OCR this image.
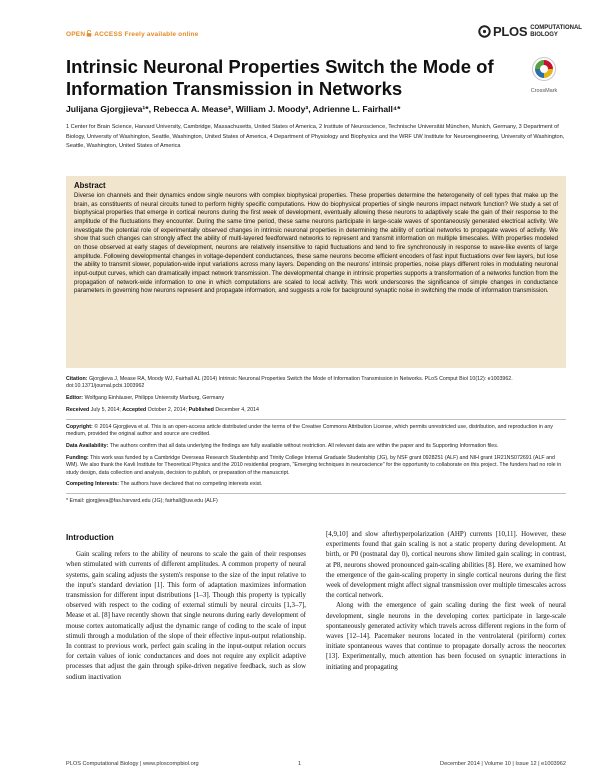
OPEN ACCESS Freely available online	PLOS COMPUTATIONAL
BIOLOGY
Intrinsic Neuronal Properties Switch the Mode of Information Transmission in Networks	CrossMark
Julijana Gjorgjieva¹*, Rebecca A. Mease², William J. Moody³, Adrienne L. Fairhall⁴*
1 Center for Brain Science, Harvard University, Cambridge, Massachusetts, United States of America, 2 Institute of Neuroscience, Technische Universität München, Munich, Germany, 3 Department of Biology, University of Washington, Seattle, Washington, United States of America, 4 Department of Physiology and Biophysics and the WRF UW Institute for Neuroengineering, University of Washington, Seattle, Washington, United States of America
Abstract
Diverse ion channels and their dynamics endow single neurons with complex biophysical properties. These properties determine the heterogeneity of cell types that make up the brain, as constituents of neural circuits tuned to perform highly specific computations. How do biophysical properties of single neurons impact network function? We study a set of biophysical properties that emerge in cortical neurons during the first week of development, eventually allowing these neurons to adaptively scale the gain of their response to the amplitude of the fluctuations they encounter. During the same time period, these same neurons participate in large-scale waves of spontaneously generated electrical activity. We investigate the potential role of experimentally observed changes in intrinsic neuronal properties in determining the ability of cortical networks to propagate waves of activity. We show that such changes can strongly affect the ability of multi-layered feedforward networks to represent and transmit information on multiple timescales. With properties modeled on those observed at early stages of development, neurons are relatively insensitive to rapid fluctuations and tend to fire synchronously in response to wave-like events of large amplitude. Following developmental changes in voltage-dependent conductances, these same neurons become efficient encoders of fast input fluctuations over few layers, but lose the ability to transmit slower, population-wide input variations across many layers. Depending on the neurons' intrinsic properties, noise plays different roles in modulating neuronal input-output curves, which can dramatically impact network transmission. The developmental change in intrinsic properties supports a transformation of a networks function from the propagation of network-wide information to one in which computations are scaled to local activity. This work underscores the significance of simple changes in conductance parameters in governing how neurons represent and propagate information, and suggests a role for background synaptic noise in switching the mode of information transmission.

Citation: Gjorgjieva J, Mease RA, Moody WJ, Fairhall AL (2014) Intrinsic Neuronal Properties Switch the Mode of Information Transmission in Networks. PLoS Comput Biol 10(12): e1003962. doi:10.1371/journal.pcbi.1003962

Editor: Wolfgang Einhäuser, Philipps University Marburg, Germany

Received July 5, 2014; Accepted October 2, 2014; Published December 4, 2014

Copyright: © 2014 Gjorgjieva et al. This is an open-access article distributed under the terms of the Creative Commons Attribution License, which permits unrestricted use, distribution, and reproduction in any medium, provided the original author and source are credited.

Data Availability: The authors confirm that all data underlying the findings are fully available without restriction. All relevant data are within the paper and its Supporting Information files.

Funding: This work was funded by a Cambridge Overseas Research Studentship and Trinity College Internal Graduate Studentship (JG), by NSF grant 0928251 (ALF) and NIH grant 1R21NS072691 (ALF and WM). We also thank the Kavli Institute for Theoretical Physics and the 2010 residential program, "Emerging techniques in neuroscience" for the opportunity to collaborate on this project. The funders had no role in study design, data collection and analysis, decision to publish, or preparation of the manuscript.

Competing Interests: The authors have declared that no competing interests exist.

* Email: gjorgjieva@fas.harvard.edu (JG); fairhall@uw.edu (ALF)

Introduction

Gain scaling refers to the ability of neurons to scale the gain of their responses when stimulated with currents of different amplitudes. A common property of neural systems, gain scaling adjusts the system's response to the size of the input relative to the input's standard deviation [1]. This form of adaptation maximizes information transmission for different input distributions [1–3]. Though this property is typically observed with respect to the coding of external stimuli by neural circuits [1,3–7], Mease et al. [8] have recently shown that single neurons during early development of mouse cortex automatically adjust the dynamic range of coding to the scale of input stimuli through a modulation of the slope of their effective input-output relationship. In contrast to previous work, perfect gain scaling in the input-output relation occurs for certain values of ionic conductances and does not require any explicit adaptive processes that adjust the gain through spike-driven negative feedback, such as slow sodium inactivation

[4,9,10] and slow afterhyperpolarization (AHP) currents [10,11]. However, these experiments found that gain scaling is not a static property during development. At birth, or P0 (postnatal day 0), cortical neurons show limited gain scaling; in contrast, at P8, neurons showed pronounced gain-scaling abilities [8]. Here, we examined how the emergence of the gain-scaling property in single cortical neurons during the first week of development might affect signal transmission over multiple timescales across the cortical network.

Along with the emergence of gain scaling during the first week of neural development, single neurons in the developing cortex participate in large-scale spontaneously generated activity which travels across different regions in the form of waves [12–14]. Pacemaker neurons located in the ventrolateral (piriform) cortex initiate spontaneous waves that continue to propagate dorsally across the neocortex [13]. Experimentally, much attention has been focused on synaptic interactions in initiating and propagating

PLOS Computational Biology | www.ploscompbiol.org	1	December 2014 | Volume 10 | Issue 12 | e1003962
